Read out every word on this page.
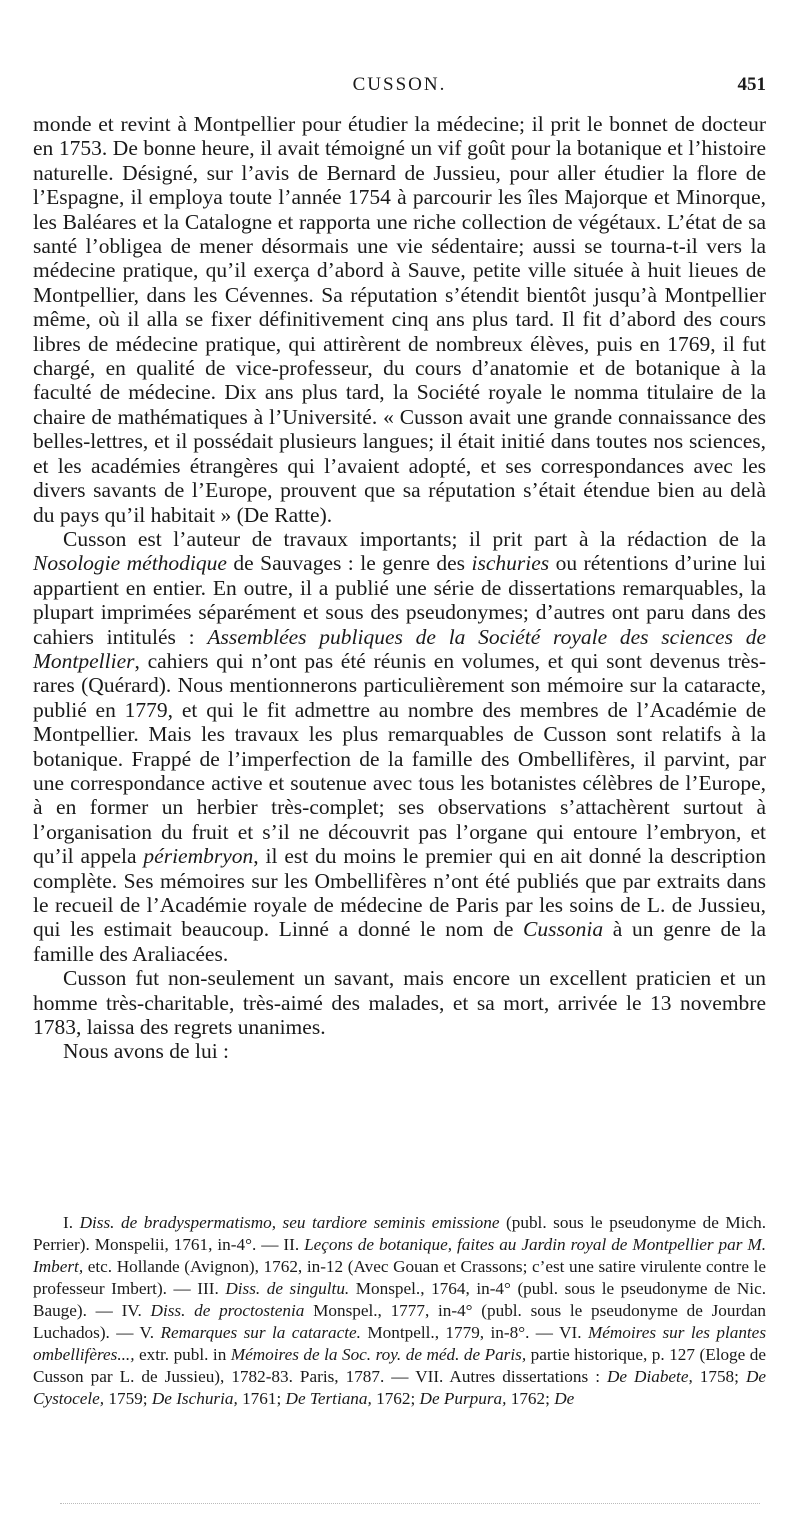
CUSSON.	451

monde et revint à Montpellier pour étudier la médecine; il prit le bonnet de docteur en 1753. De bonne heure, il avait témoigné un vif goût pour la botanique et l’histoire naturelle. Désigné, sur l’avis de Bernard de Jussieu, pour aller étudier la flore de l’Espagne, il employa toute l’année 1754 à parcourir les îles Majorque et Minorque, les Baléares et la Catalogne et rapporta une riche collection de végétaux. L’état de sa santé l’obligea de mener désormais une vie sédentaire; aussi se tourna-t-il vers la médecine pratique, qu’il exerça d’abord à Sauve, petite ville située à huit lieues de Montpellier, dans les Cévennes. Sa réputation s’étendit bientôt jusqu’à Montpellier même, où il alla se fixer définitivement cinq ans plus tard. Il fit d’abord des cours libres de médecine pratique, qui attirèrent de nombreux élèves, puis en 1769, il fut chargé, en qualité de vice-professeur, du cours d’anatomie et de botanique à la faculté de médecine. Dix ans plus tard, la Société royale le nomma titulaire de la chaire de mathématiques à l’Université. « Cusson avait une grande connaissance des belles-lettres, et il possédait plusieurs langues; il était initié dans toutes nos sciences, et les académies étrangères qui l’avaient adopté, et ses correspondances avec les divers savants de l’Europe, prouvent que sa réputation s’était étendue bien au delà du pays qu’il habitait » (De Ratte).

Cusson est l’auteur de travaux importants; il prit part à la rédaction de la Nosologie méthodique de Sauvages : le genre des ischuries ou rétentions d’urine lui appartient en entier. En outre, il a publié une série de dissertations remarquables, la plupart imprimées séparément et sous des pseudonymes; d’autres ont paru dans des cahiers intitulés : Assemblées publiques de la Société royale des sciences de Montpellier, cahiers qui n’ont pas été réunis en volumes, et qui sont devenus très-rares (Quérard). Nous mentionnerons particulièrement son mémoire sur la cataracte, publié en 1779, et qui le fit admettre au nombre des membres de l’Académie de Montpellier. Mais les travaux les plus remarquables de Cusson sont relatifs à la botanique. Frappé de l’imperfection de la famille des Ombellifères, il parvint, par une correspondance active et soutenue avec tous les botanistes célèbres de l’Europe, à en former un herbier très-complet; ses observations s’attachèrent surtout à l’organisation du fruit et s’il ne découvrit pas l’organe qui entoure l’embryon, et qu’il appela périembryon, il est du moins le premier qui en ait donné la description complète. Ses mémoires sur les Ombellifères n’ont été publiés que par extraits dans le recueil de l’Académie royale de médecine de Paris par les soins de L. de Jussieu, qui les estimait beaucoup. Linné a donné le nom de Cussonia à un genre de la famille des Araliacées.

Cusson fut non-seulement un savant, mais encore un excellent praticien et un homme très-charitable, très-aimé des malades, et sa mort, arrivée le 13 novembre 1783, laissa des regrets unanimes.

Nous avons de lui :

I. Diss. de bradyspermatismo, seu tardiore seminis emissione (publ. sous le pseudonyme de Mich. Perrier). Monspelii, 1761, in-4°. — II. Leçons de botanique, faites au Jardin royal de Montpellier par M. Imbert, etc. Hollande (Avignon), 1762, in-12 (Avec Gouan et Crassons; c’est une satire virulente contre le professeur Imbert). — III. Diss. de singultu. Monspel., 1764, in-4° (publ. sous le pseudonyme de Nic. Bauge). — IV. Diss. de proctostenia Monspel., 1777, in-4° (publ. sous le pseudonyme de Jourdan Luchados). — V. Remarques sur la cataracte. Montpell., 1779, in-8°. — VI. Mémoires sur les plantes ombellifères..., extr. publ. in Mémoires de la Soc. roy. de méd. de Paris, partie historique, p. 127 (Eloge de Cusson par L. de Jussieu), 1782-83. Paris, 1787. — VII. Autres dissertations : De Diabete, 1758; De Cystocele, 1759; De Ischuria, 1761; De Tertiana, 1762; De Purpura, 1762; De
